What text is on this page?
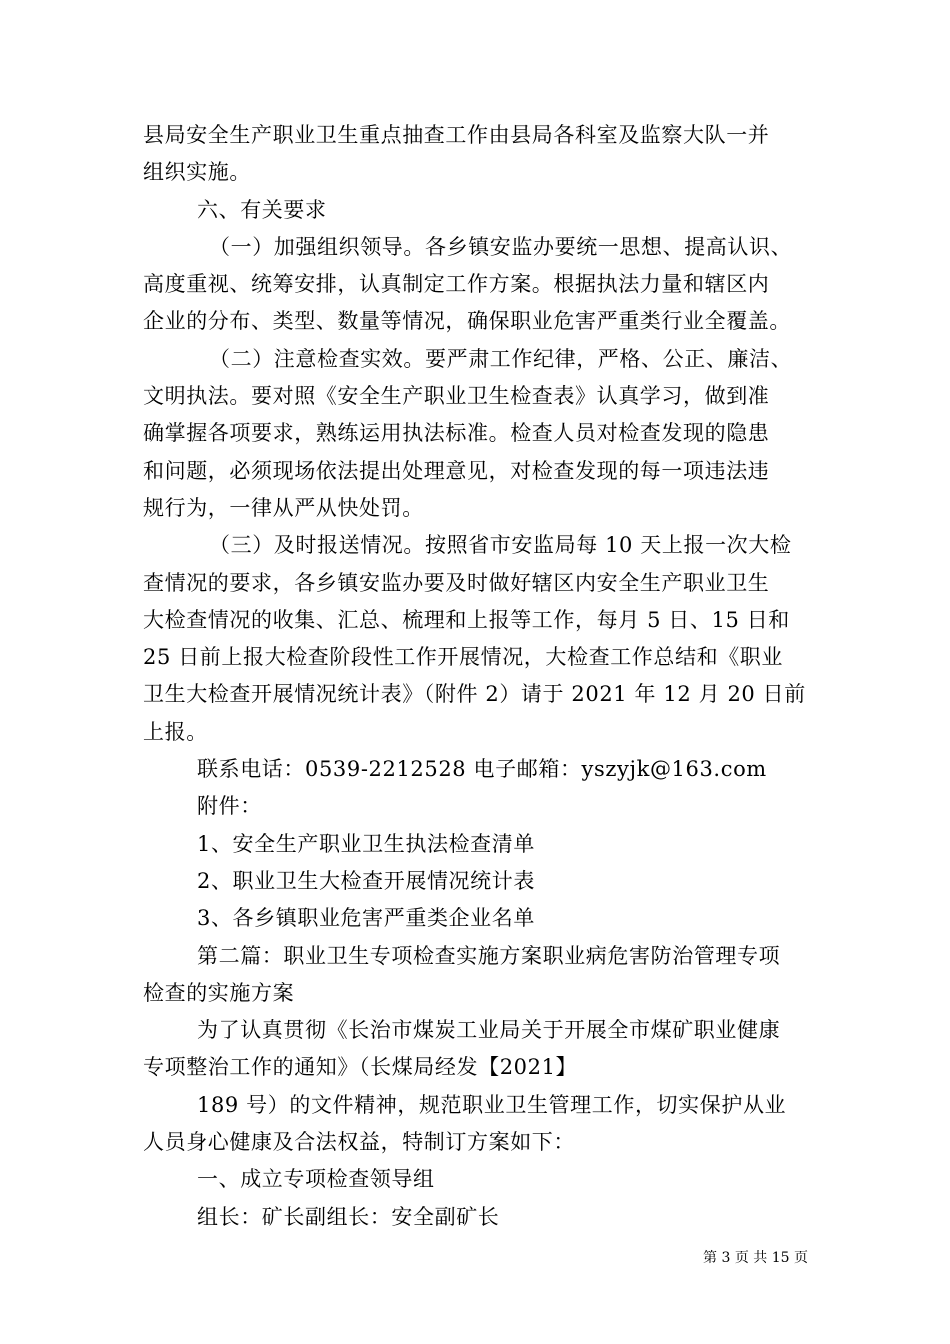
县局安全生产职业卫生重点抽查工作由县局各科室及监察大队一并
组织实施。
六、有关要求
（一）加强组织领导。各乡镇安监办要统一思想、提高认识、
高度重视、统筹安排，认真制定工作方案。根据执法力量和辖区内
企业的分布、类型、数量等情况，确保职业危害严重类行业全覆盖。
（二）注意检查实效。要严肃工作纪律，严格、公正、廉洁、
文明执法。要对照《安全生产职业卫生检查表》认真学习，做到准
确掌握各项要求，熟练运用执法标准。检查人员对检查发现的隐患
和问题，必须现场依法提出处理意见，对检查发现的每一项违法违
规行为，一律从严从快处罚。
（三）及时报送情况。按照省市安监局每 10 天上报一次大检
查情况的要求，各乡镇安监办要及时做好辖区内安全生产职业卫生
大检查情况的收集、汇总、梳理和上报等工作，每月 5 日、15 日和
25 日前上报大检查阶段性工作开展情况，大检查工作总结和《职业
卫生大检查开展情况统计表》（附件 2）请于 2021 年 12 月 20 日前
上报。
联系电话：0539-2212528 电子邮箱：yszyjk@163.com
附件：
1、安全生产职业卫生执法检查清单
2、职业卫生大检查开展情况统计表
3、各乡镇职业危害严重类企业名单
第二篇：职业卫生专项检查实施方案职业病危害防治管理专项
检查的实施方案
为了认真贯彻《长治市煤炭工业局关于开展全市煤矿职业健康
专项整治工作的通知》（长煤局经发【2021】
189 号）的文件精神，规范职业卫生管理工作，切实保护从业
人员身心健康及合法权益，特制订方案如下：
一、成立专项检查领导组
组长：矿长副组长：安全副矿长
第 3 页 共 15 页
